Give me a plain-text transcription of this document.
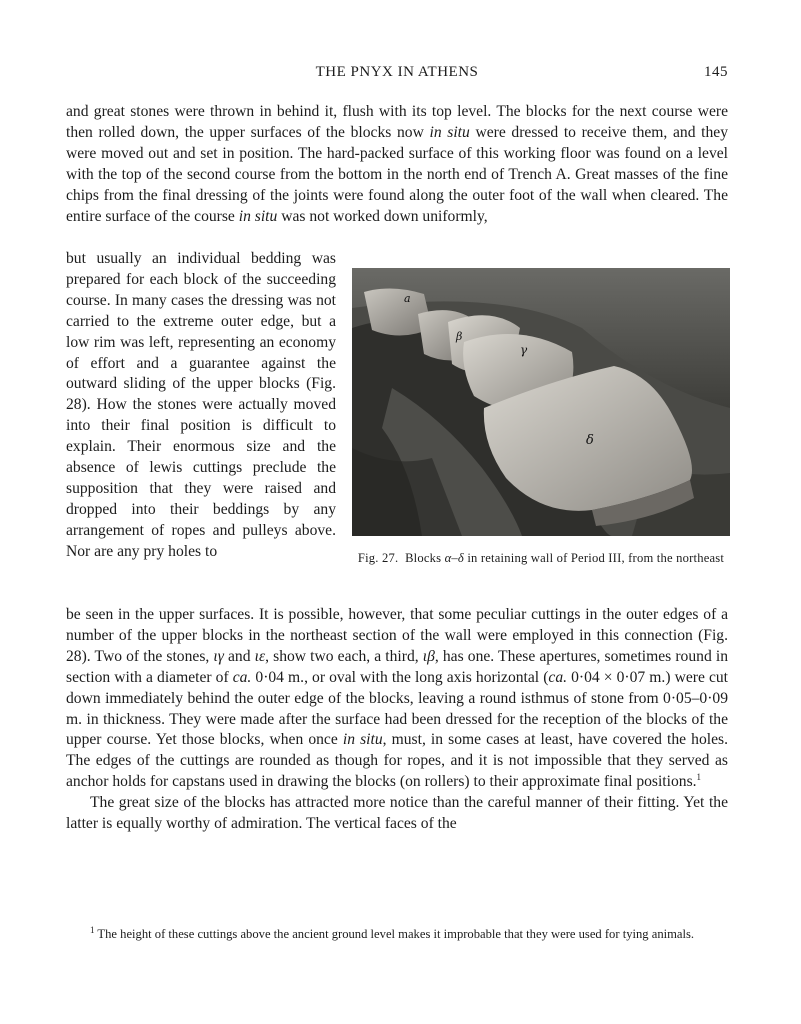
THE PNYX IN ATHENS	145

and great stones were thrown in behind it, flush with its top level. The blocks for the next course were then rolled down, the upper surfaces of the blocks now in situ were dressed to receive them, and they were moved out and set in position. The hard-packed surface of this working floor was found on a level with the top of the second course from the bottom in the north end of Trench A. Great masses of the fine chips from the final dressing of the joints were found along the outer foot of the wall when cleared. The entire surface of the course in situ was not worked down uniformly,

but usually an individual bedding was prepared for each block of the succeeding course. In many cases the dressing was not carried to the extreme outer edge, but a low rim was left, representing an economy of effort and a guarantee against the outward sliding of the upper blocks (Fig. 28). How the stones were actually moved into their final position is difficult to explain. Their enormous size and the absence of lewis cuttings preclude the supposition that they were raised and dropped into their beddings by any arrangement of ropes and pulleys above. Nor are any pry holes to

a
β
γ
δ
Fig. 27. Blocks α–δ in retaining wall of Period III, from the northeast

be seen in the upper surfaces. It is possible, however, that some peculiar cuttings in the outer edges of a number of the upper blocks in the northeast section of the wall were employed in this connection (Fig. 28). Two of the stones, ιγ and ιε, show two each, a third, ιβ, has one. These apertures, sometimes round in section with a diameter of ca. 0·04 m., or oval with the long axis horizontal (ca. 0·04 × 0·07 m.) were cut down immediately behind the outer edge of the blocks, leaving a round isthmus of stone from 0·05–0·09 m. in thickness. They were made after the surface had been dressed for the reception of the blocks of the upper course. Yet those blocks, when once in situ, must, in some cases at least, have covered the holes. The edges of the cuttings are rounded as though for ropes, and it is not impossible that they served as anchor holds for capstans used in drawing the blocks (on rollers) to their approximate final positions.$^1$

The great size of the blocks has attracted more notice than the careful manner of their fitting. Yet the latter is equally worthy of admiration. The vertical faces of the

$^1$ The height of these cuttings above the ancient ground level makes it improbable that they were used for tying animals.
